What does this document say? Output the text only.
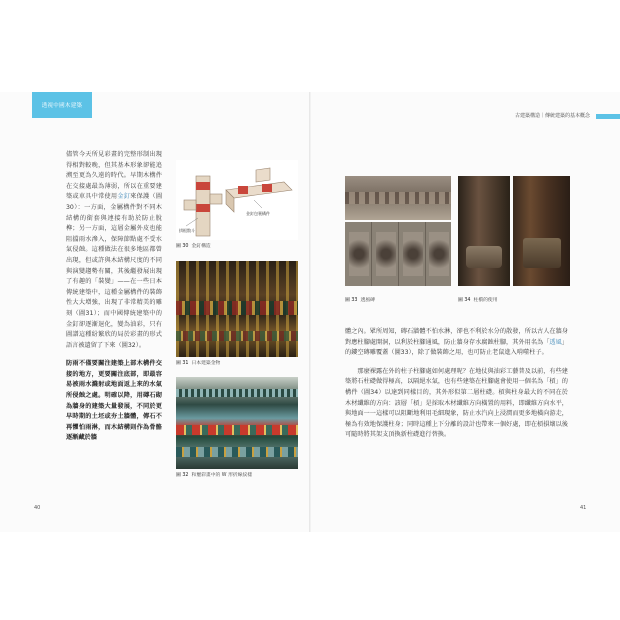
透視中國木建築
古建築構造｜傳統建築的基本概念

儘管今天所見彩畫的完整形制出現得相對較晚，但其基本形象卻能追溯至更為久遠的時代。早期木構件在交接處最為薄弱，所以在重要建築或車具中常使用金釘來保護（圖30）：一方面，金屬構件對不同木結構的銜套與連接有助於防止脫榫；另一方面，這層金屬外皮也能阻擋雨水滲入，保障節點處不受水氣侵蝕。這種做法在很多地區都曾出現，但或許與木結構尺度的不同與演變趨勢有關，其後繼發展出現了有趣的「裝變」——在一些日本傳統建築中，這種金屬構件的裝飾性大大增強，出現了非常精美的雕刻（圖31）；而中國傳統建築中的金釘卻逐漸退化，變為油彩，只有圖譜這種紛繁欣的局於彩畫的形式語言被遺留了下來（圖32）。

防雨不僅要關注建築上部木構件交接的地方，更要關注底部，即最容易被雨水濺射或地面返上來的水氣所侵蝕之處。明確以降，用磚石砌為牆身的建築大量發展，不同於更早時期的土坯或夯土牆體，傳石不再懼怕雨淋，而木結構則作為骨骼逐漸藏於牆

拱根散斗
金釘包裹構件
圖 30 金釘構造
圖 31 日本建築金物
圖 32 和璽彩畫中的 W 形折線紋樣
圖 33 透風磚	圖 34 柱櫍的使用

體之內。眾所周知，磚石牆體不怕水淋，卻也不利於水分的散發，所以古人在牆身對應柱腳處開洞，以利於柱腳通風，防止牆身存水腐蝕柱腳，其外用名為「透風」的鏤空磚雕覆蓋（圖33），除了做裝飾之用，也可防止老鼠進入啃噬柱子。

那麼裸露在外的柱子柱腳處如何處理呢？在地仗與油彩工藝普及以前，有些建築將石柱礎做得極高，以隔絕水氣，也有些建築在柱腳處會使用一個名為「槓」的構件（圖34）以達到同樣目的，其外形似第二層柱礎。槓與柱身最大的不同在於木材纖維的方向：該層「槓」是採取木材纖維方向橫置的用料，即纖維方向水平，與地面一一這樣可以阻斷地利用毛細現象，防止水汽向上浸潤而更多地橫向游走，極為有效地保護柱身；同時這種上下分離的設計也帶來一個好處，即在槓損壞以後可隨時將其架支頂換新柱礎進行替換。

40	41
